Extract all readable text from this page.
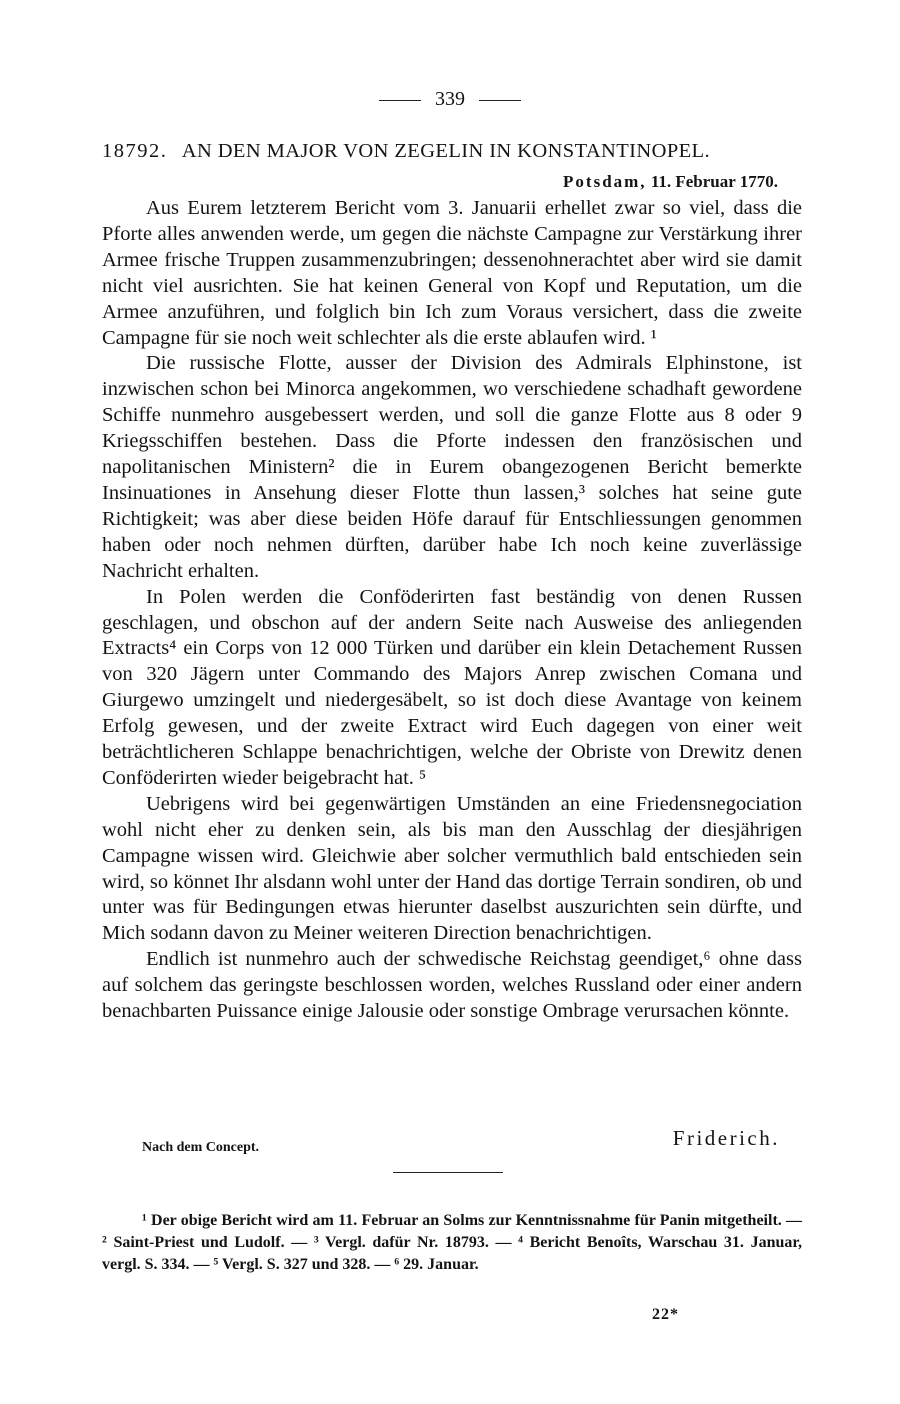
339
18792. AN DEN MAJOR VON ZEGELIN IN KONSTANTINOPEL.
Potsdam, 11. Februar 1770.

Aus Eurem letzterem Bericht vom 3. Januarii erhellet zwar so viel, dass die Pforte alles anwenden werde, um gegen die nächste Campagne zur Verstärkung ihrer Armee frische Truppen zusammenzubringen; dessenohnerachtet aber wird sie damit nicht viel ausrichten. Sie hat keinen General von Kopf und Reputation, um die Armee anzuführen, und folglich bin Ich zum Voraus versichert, dass die zweite Campagne für sie noch weit schlechter als die erste ablaufen wird. ¹

Die russische Flotte, ausser der Division des Admirals Elphinstone, ist inzwischen schon bei Minorca angekommen, wo verschiedene schadhaft gewordene Schiffe nunmehro ausgebessert werden, und soll die ganze Flotte aus 8 oder 9 Kriegsschiffen bestehen. Dass die Pforte indessen den französischen und napolitanischen Ministern² die in Eurem obangezogenen Bericht bemerkte Insinuationes in Ansehung dieser Flotte thun lassen,³ solches hat seine gute Richtigkeit; was aber diese beiden Höfe darauf für Entschliessungen genommen haben oder noch nehmen dürften, darüber habe Ich noch keine zuverlässige Nachricht erhalten.

In Polen werden die Conföderirten fast beständig von denen Russen geschlagen, und obschon auf der andern Seite nach Ausweise des anliegenden Extracts⁴ ein Corps von 12 000 Türken und darüber ein klein Detachement Russen von 320 Jägern unter Commando des Majors Anrep zwischen Comana und Giurgewo umzingelt und niedergesäbelt, so ist doch diese Avantage von keinem Erfolg gewesen, und der zweite Extract wird Euch dagegen von einer weit beträchtlicheren Schlappe benachrichtigen, welche der Obriste von Drewitz denen Conföderirten wieder beigebracht hat. ⁵

Uebrigens wird bei gegenwärtigen Umständen an eine Friedensnegociation wohl nicht eher zu denken sein, als bis man den Ausschlag der diesjährigen Campagne wissen wird. Gleichwie aber solcher vermuthlich bald entschieden sein wird, so könnet Ihr alsdann wohl unter der Hand das dortige Terrain sondiren, ob und unter was für Bedingungen etwas hierunter daselbst auszurichten sein dürfte, und Mich sodann davon zu Meiner weiteren Direction benachrichtigen.

Endlich ist nunmehro auch der schwedische Reichstag geendiget,⁶ ohne dass auf solchem das geringste beschlossen worden, welches Russland oder einer andern benachbarten Puissance einige Jalousie oder sonstige Ombrage verursachen könnte.

Nach dem Concept.	Friderich.

¹ Der obige Bericht wird am 11. Februar an Solms zur Kenntnissnahme für Panin mitgetheilt. — ² Saint-Priest und Ludolf. — ³ Vergl. dafür Nr. 18793. — ⁴ Bericht Benoîts, Warschau 31. Januar, vergl. S. 334. — ⁵ Vergl. S. 327 und 328. — ⁶ 29. Januar.

22*
